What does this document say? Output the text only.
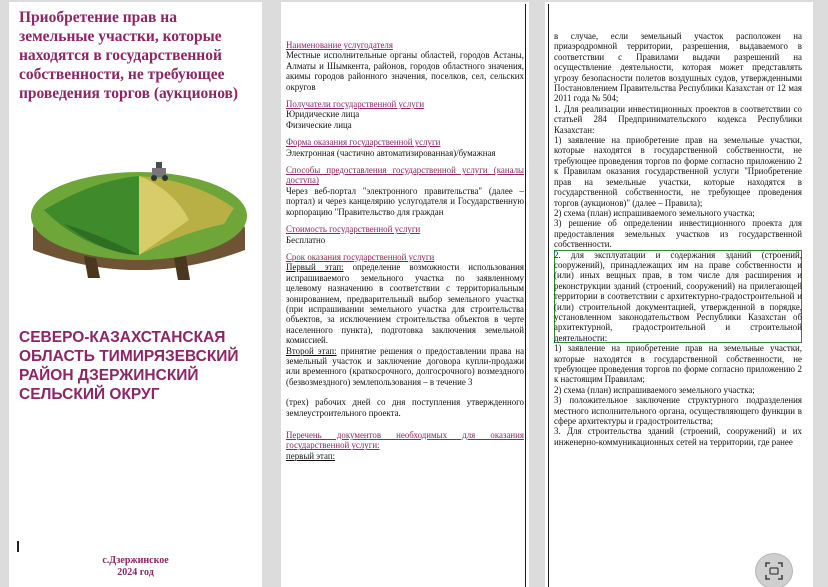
Приобретение прав на земельные участки, которые находятся в государственной собственности, не требующее проведения торгов (аукционов)
СЕВЕРО-КАЗАХСТАНСКАЯ ОБЛАСТЬ ТИМИРЯЗЕВСКИЙ РАЙОН ДЗЕРЖИНСКИЙ СЕЛЬСКИЙ ОКРУГ
с.Дзержинское
2024 год
Наименование услугодателя
Местные исполнительные органы областей, городов Астаны, Алматы и Шымкента, районов, городов областного значения, акимы городов районного значения, поселков, сел, сельских округов
Получатели государственной услуги
Юридические лица
Физические лица
Форма оказания государственной услуги
Электронная (частично автоматизированная)/бумажная
Способы предоставления государственной услуги (каналы доступа)
Через веб-портал "электронного правительства" (далее – портал) и через канцелярию услугодателя и Государственную корпорацию "Правительство для граждан
Стоимость государственной услуги
Бесплатно
Срок оказания государственной услуги
Первый этап: определение возможности использования испрашиваемого земельного участка по заявленному целевому назначению в соответствии с территориальным зонированием, предварительный выбор земельного участка (при испрашивании земельного участка для строительства объектов, за исключением строительства объектов в черте населенного пункта), подготовка заключения земельной комиссией.
Второй этап: принятие решения о предоставлении права на земельный участок и заключение договора купли-продажи или временного (краткосрочного, долгосрочного) возмездного (безвозмездного) землепользования – в течение 3
(трех) рабочих дней со дня поступления утвержденного землеустроительного проекта.
Перечень документов необходимых для оказания государственной услуги:
первый этап:
в случае, если земельный участок расположен на приаэродромной территории, разрешения, выдаваемого в соответствии с Правилами выдачи разрешений на осуществление деятельности, которая может представлять угрозу безопасности полетов воздушных судов, утвержденными Постановлением Правительства Республики Казахстан от 12 мая 2011 года № 504;
1. Для реализации инвестиционных проектов в соответствии со статьей 284 Предпринимательского кодекса Республики Казахстан:
1) заявление на приобретение прав на земельные участки, которые находятся в государственной собственности, не требующее проведения торгов по форме согласно приложению 2 к Правилам оказания государственной услуги "Приобретение прав на земельные участки, которые находятся в государственной собственности, не требующее проведения торгов (аукционов)" (далее – Правила);
2) схема (план) испрашиваемого земельного участка;
3) решение об определении инвестиционного проекта для предоставления земельных участков из государственной собственности.
2. для эксплуатации и содержания зданий (строений, сооружений), принадлежащих им на праве собственности и (или) иных вещных прав, в том числе для расширения и реконструкции зданий (строений, сооружений) на прилегающей территории в соответствии с архитектурно-градостроительной и (или) строительной документацией, утвержденной в порядке, установленном законодательством Республики Казахстан об архитектурной, градостроительной и строительной деятельности:
1) заявление на приобретение прав на земельные участки, которые находятся в государственной собственности, не требующее проведения торгов по форме согласно приложению 2 к настоящим Правилам;
2) схема (план) испрашиваемого земельного участка;
3) положительное заключение структурного подразделения местного исполнительного органа, осуществляющего функции в сфере архитектуры и градостроительства;
3. Для строительства зданий (строений, сооружений) и их инженерно-коммуникационных сетей на территории, где ранее
